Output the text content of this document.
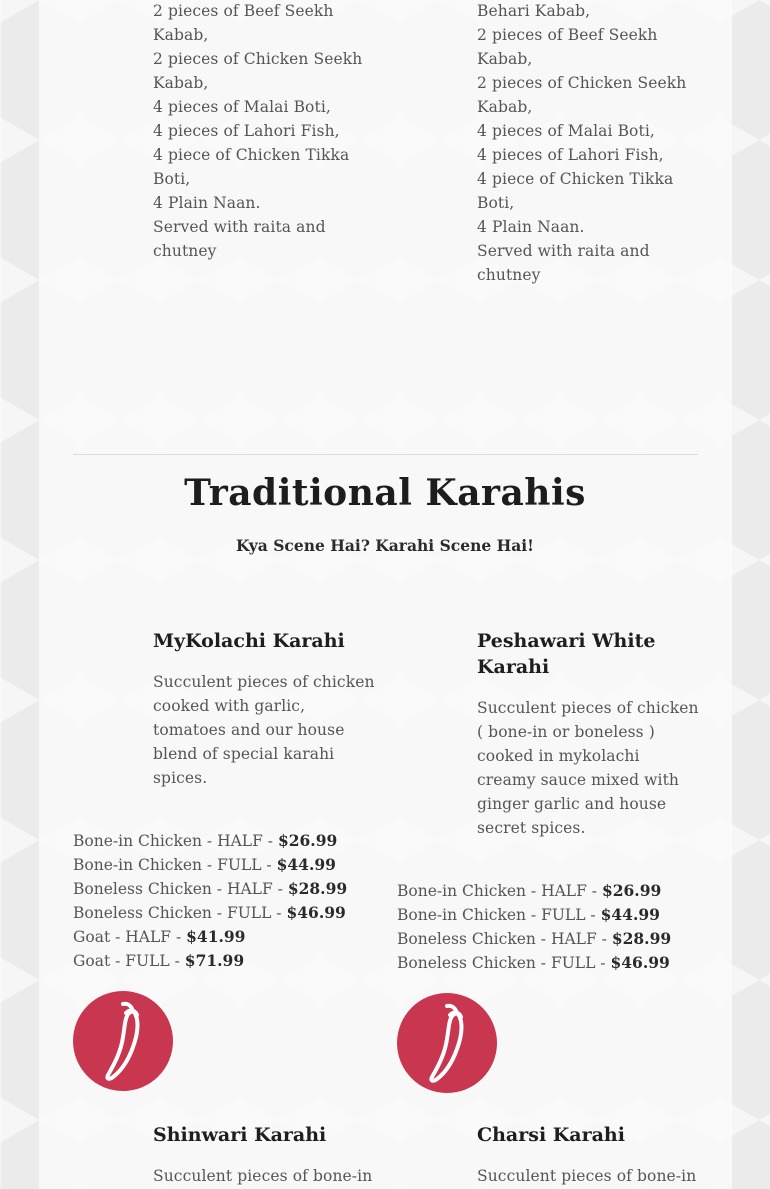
2 pieces of Beef Seekh
Kabab,
2 pieces of Chicken Seekh
Kabab,
4 pieces of Malai Boti,
4 pieces of Lahori Fish,
4 piece of Chicken Tikka
Boti,
4 Plain Naan.
Served with raita and
chutney

Behari Kabab,
2 pieces of Beef Seekh
Kabab,
2 pieces of Chicken Seekh
Kabab,
4 pieces of Malai Boti,
4 pieces of Lahori Fish,
4 piece of Chicken Tikka
Boti,
4 Plain Naan.
Served with raita and
chutney

Traditional Karahis

Kya Scene Hai? Karahi Scene Hai!

MyKolachi Karahi

Succulent pieces of chicken
cooked with garlic,
tomatoes and our house
blend of special karahi
spices.

Bone-in Chicken - HALF - $26.99
Bone-in Chicken - FULL - $44.99
Boneless Chicken - HALF - $28.99
Boneless Chicken - FULL - $46.99
Goat - HALF - $41.99
Goat - FULL - $71.99
Peshawari White
Karahi

Succulent pieces of chicken
( bone-in or boneless )
cooked in mykolachi
creamy sauce mixed with
ginger garlic and house
secret spices.

Bone-in Chicken - HALF - $26.99
Bone-in Chicken - FULL - $44.99
Boneless Chicken - HALF - $28.99
Boneless Chicken - FULL - $46.99
Shinwari Karahi

Succulent pieces of bone-in

Charsi Karahi

Succulent pieces of bone-in
